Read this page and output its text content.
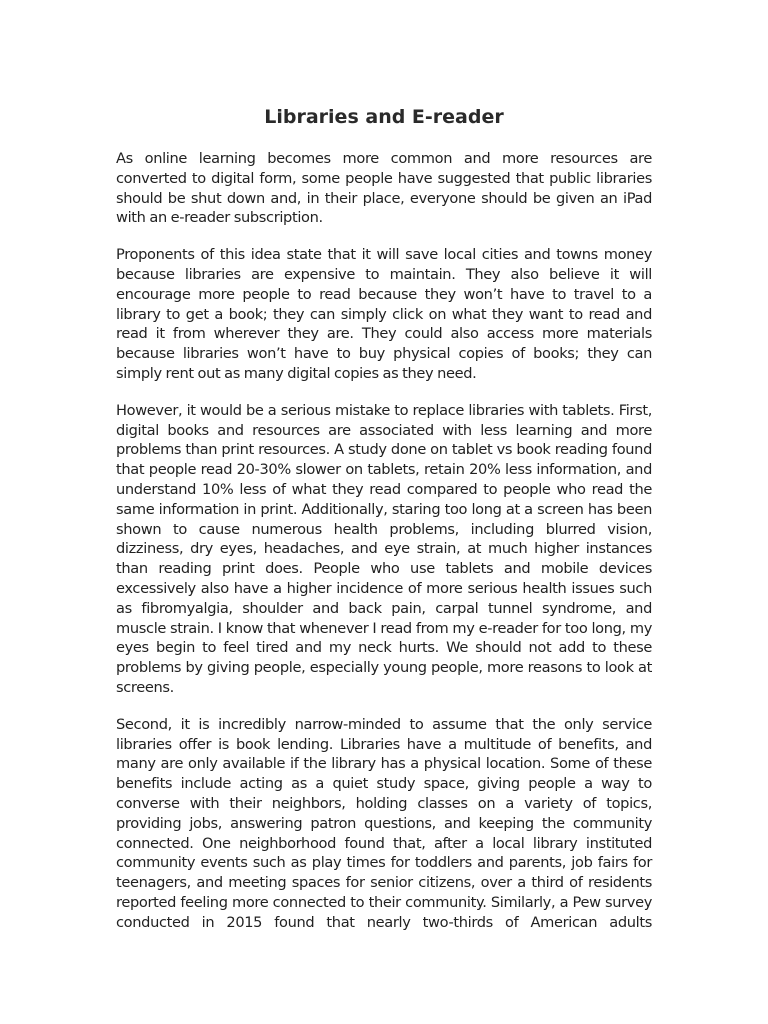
Libraries and E-reader

As online learning becomes more common and more resources are converted to digital form, some people have suggested that public libraries should be shut down and, in their place, everyone should be given an iPad with an e-reader subscription.

Proponents of this idea state that it will save local cities and towns money because libraries are expensive to maintain. They also believe it will encourage more people to read because they won’t have to travel to a library to get a book; they can simply click on what they want to read and read it from wherever they are. They could also access more materials because libraries won’t have to buy physical copies of books; they can simply rent out as many digital copies as they need.

However, it would be a serious mistake to replace libraries with tablets. First, digital books and resources are associated with less learning and more problems than print resources. A study done on tablet vs book reading found that people read 20-30% slower on tablets, retain 20% less information, and understand 10% less of what they read compared to people who read the same information in print. Additionally, staring too long at a screen has been shown to cause numerous health problems, including blurred vision, dizziness, dry eyes, headaches, and eye strain, at much higher instances than reading print does. People who use tablets and mobile devices excessively also have a higher incidence of more serious health issues such as fibromyalgia, shoulder and back pain, carpal tunnel syndrome, and muscle strain. I know that whenever I read from my e-reader for too long, my eyes begin to feel tired and my neck hurts. We should not add to these problems by giving people, especially young people, more reasons to look at screens.

Second, it is incredibly narrow-minded to assume that the only service libraries offer is book lending. Libraries have a multitude of benefits, and many are only available if the library has a physical location. Some of these benefits include acting as a quiet study space, giving people a way to converse with their neighbors, holding classes on a variety of topics, providing jobs, answering patron questions, and keeping the community connected. One neighborhood found that, after a local library instituted community events such as play times for toddlers and parents, job fairs for teenagers, and meeting spaces for senior citizens, over a third of residents reported feeling more connected to their community. Similarly, a Pew survey conducted in 2015 found that nearly two-thirds of American adults
